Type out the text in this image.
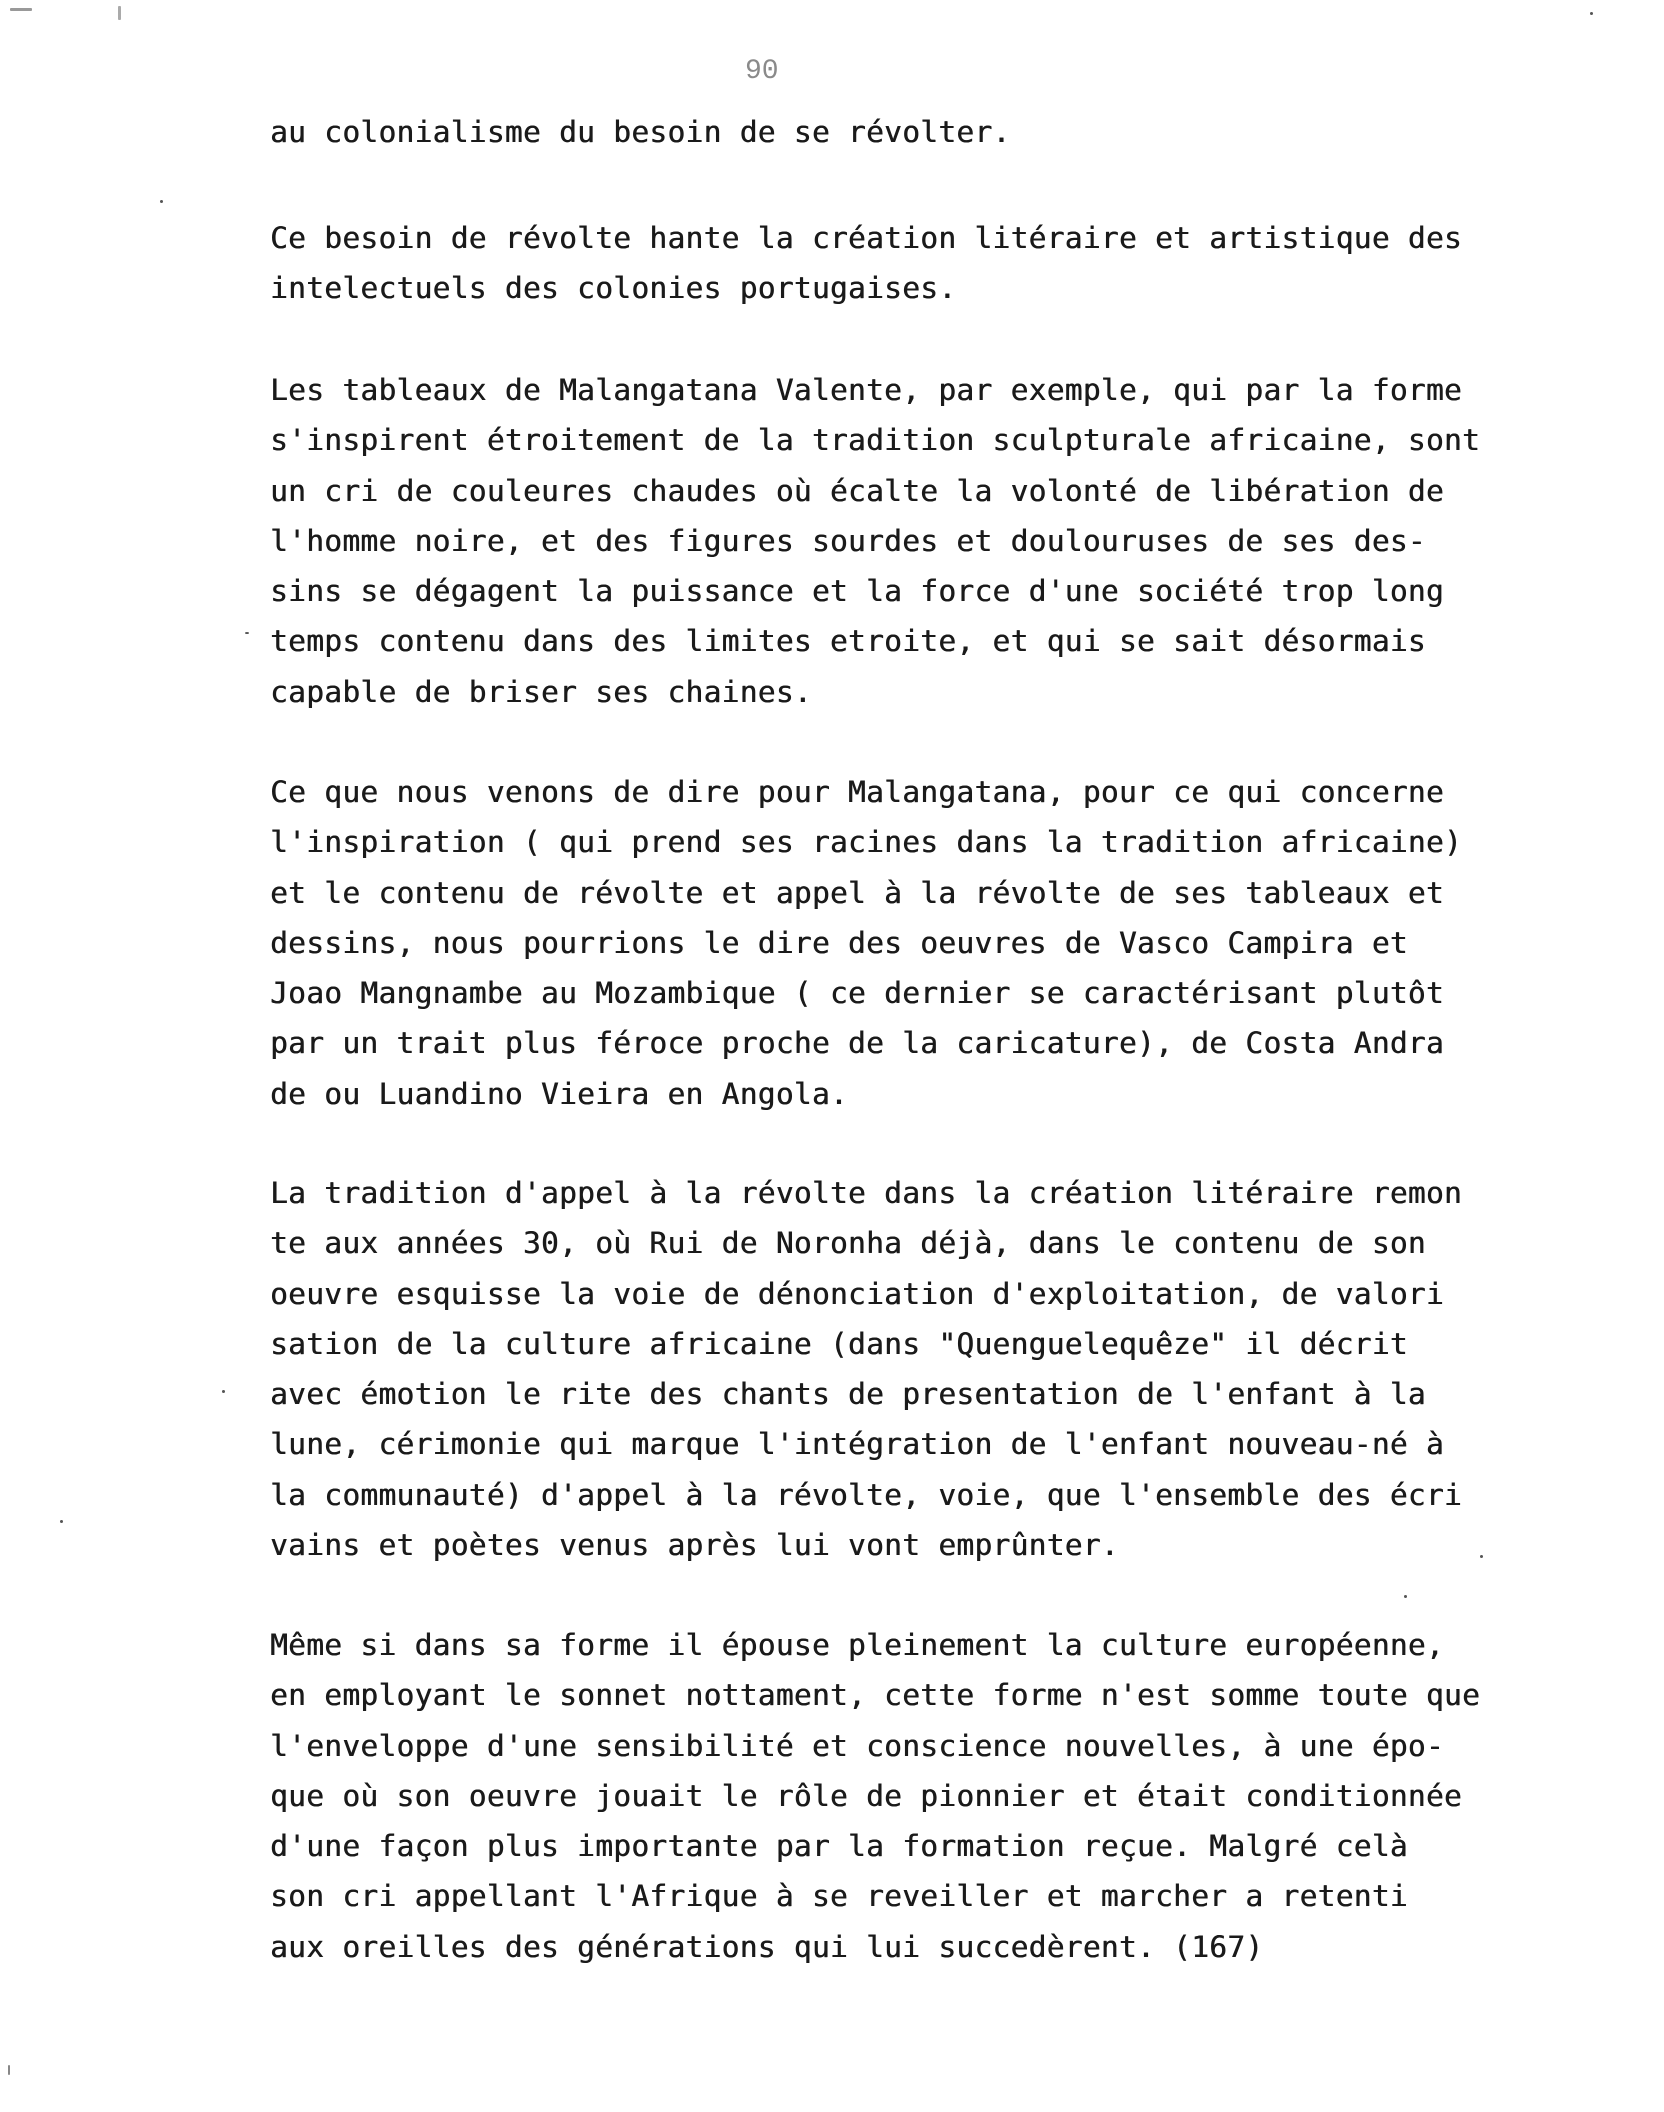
90
au colonialisme du besoin de se révolter.
Ce besoin de révolte hante la création litéraire et artistique des
intelectuels des colonies portugaises.
Les tableaux de Malangatana Valente, par exemple, qui par la forme
s'inspirent étroitement de la tradition sculpturale africaine, sont
un cri de couleures chaudes où écalte la volonté de libération de
l'homme noire, et des figures sourdes et doulouruses de ses des-
sins se dégagent la puissance et la force d'une société trop long
temps contenu dans des limites etroite, et qui se sait désormais
capable de briser ses chaines.
Ce que nous venons de dire pour Malangatana, pour ce qui concerne
l'inspiration ( qui prend ses racines dans la tradition africaine)
et le contenu de révolte et appel à la révolte de ses tableaux et
dessins, nous pourrions le dire des oeuvres de Vasco Campira et
Joao Mangnambe au Mozambique ( ce dernier se caractérisant plutôt
par un trait plus féroce proche de la caricature), de Costa Andra
de ou Luandino Vieira en Angola.
La tradition d'appel à la révolte dans la création litéraire remon
te aux années 30, où Rui de Noronha déjà, dans le contenu de son
oeuvre esquisse la voie de dénonciation d'exploitation, de valori
sation de la culture africaine (dans "Quenguelequêze" il décrit
avec émotion le rite des chants de presentation de l'enfant à la
lune, cérimonie qui marque l'intégration de l'enfant nouveau-né à
la communauté) d'appel à la révolte, voie, que l'ensemble des écri
vains et poètes venus après lui vont emprûnter.
Même si dans sa forme il épouse pleinement la culture européenne,
en employant le sonnet nottament, cette forme n'est somme toute que
l'enveloppe d'une sensibilité et conscience nouvelles, à une épo-
que où son oeuvre jouait le rôle de pionnier et était conditionnée
d'une façon plus importante par la formation reçue. Malgré celà
son cri appellant l'Afrique à se reveiller et marcher a retenti
aux oreilles des générations qui lui succedèrent. (167)
